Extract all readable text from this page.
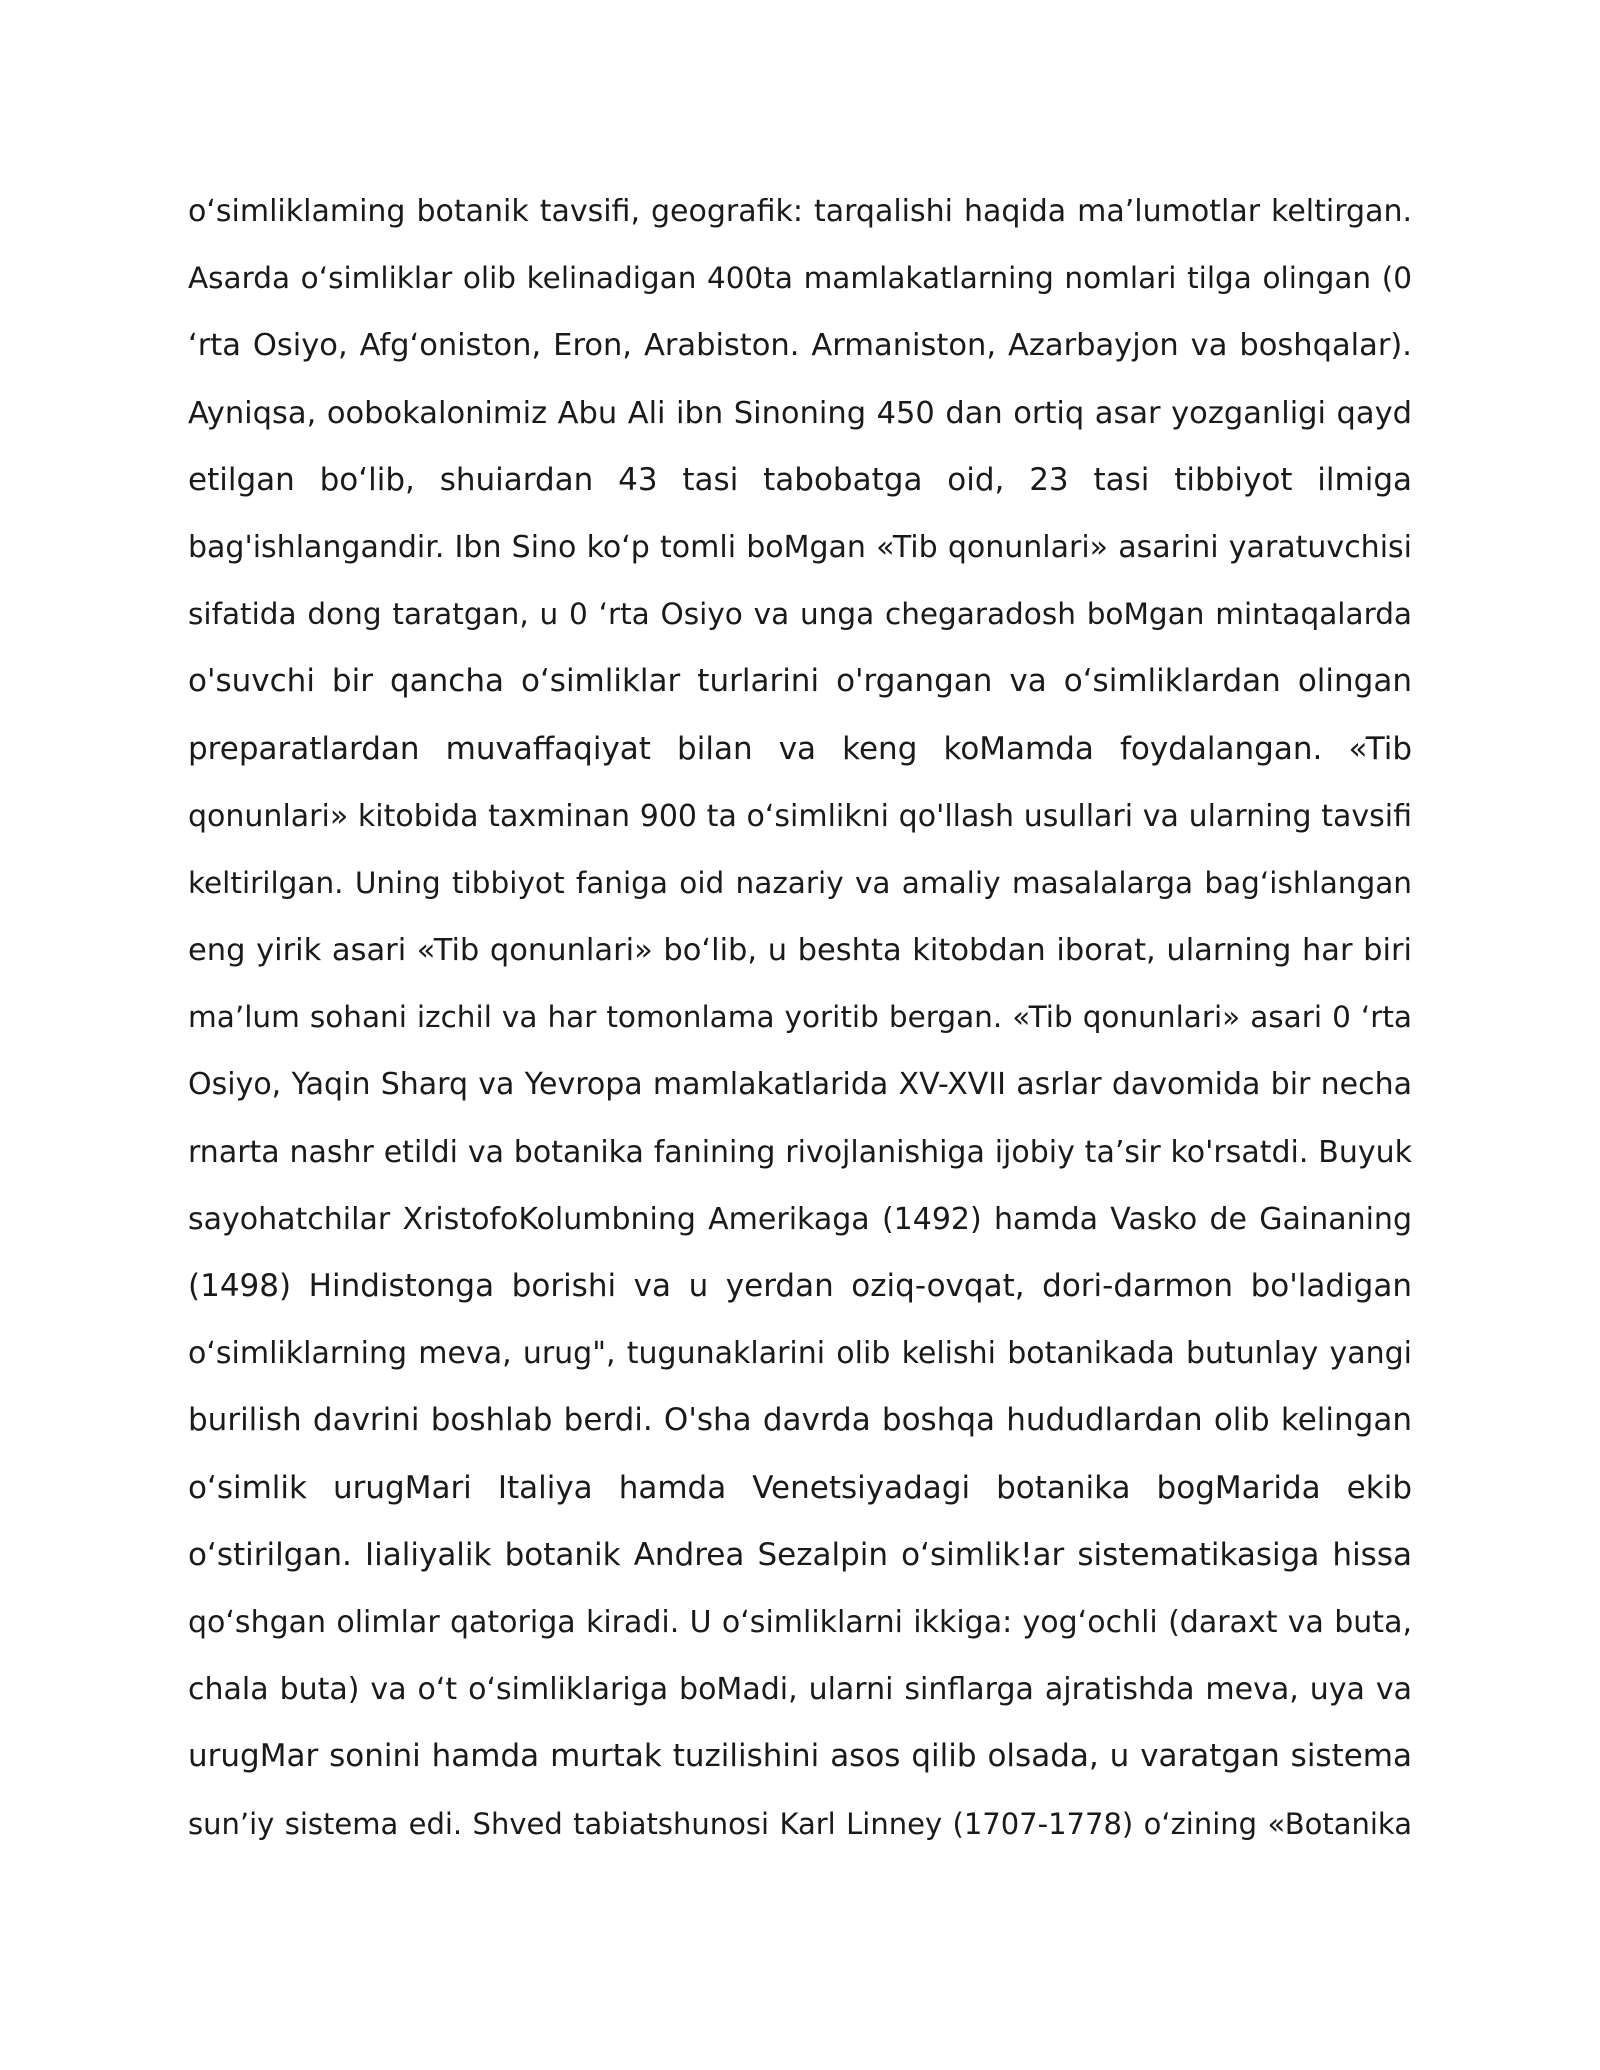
o‘simliklaming botanik tavsifi, geografik: tarqalishi haqida ma’lumotlar keltirgan.
Asarda o‘simliklar olib kelinadigan 400ta mamlakatlarning nomlari tilga olingan (0
‘rta Osiyo, Afg‘oniston, Eron, Arabiston. Armaniston, Azarbayjon va boshqalar).
Ayniqsa, oobokalonimiz Abu Ali ibn Sinoning 450 dan ortiq asar yozganligi qayd
etilgan bo‘lib, shuiardan 43 tasi tabobatga oid, 23 tasi tibbiyot ilmiga
bag'ishlangandir. Ibn Sino ko‘p tomli boMgan «Tib qonunlari» asarini yaratuvchisi
sifatida dong taratgan, u 0 ‘rta Osiyo va unga chegaradosh boMgan mintaqalarda
o'suvchi bir qancha o‘simliklar turlarini o'rgangan va o‘simliklardan olingan
preparatlardan muvaffaqiyat bilan va keng koMamda foydalangan. «Tib
qonunlari» kitobida taxminan 900 ta o‘simlikni qo'llash usullari va ularning tavsifi
keltirilgan. Uning tibbiyot faniga oid nazariy va amaliy masalalarga bag‘ishlangan
eng yirik asari «Tib qonunlari» bo‘lib, u beshta kitobdan iborat, ularning har biri
ma’lum sohani izchil va har tomonlama yoritib bergan. «Tib qonunlari» asari 0 ‘rta
Osiyo, Yaqin Sharq va Yevropa mamlakatlarida XV-XVII asrlar davomida bir necha
rnarta nashr etildi va botanika fanining rivojlanishiga ijobiy ta’sir ko'rsatdi. Buyuk
sayohatchilar XristofoKolumbning Amerikaga (1492) hamda Vasko de Gainaning
(1498) Hindistonga borishi va u yerdan oziq-ovqat, dori-darmon bo'ladigan
o‘simliklarning meva, urug", tugunaklarini olib kelishi botanikada butunlay yangi
burilish davrini boshlab berdi. O'sha davrda boshqa hududlardan olib kelingan
o‘simlik urugMari Italiya hamda Venetsiyadagi botanika bogMarida ekib
o‘stirilgan. Iialiyalik botanik Andrea Sezalpin o‘simlik!ar sistematikasiga hissa
qo‘shgan olimlar qatoriga kiradi. U o‘simliklarni ikkiga: yog‘ochli (daraxt va buta,
chala buta) va o‘t o‘simliklariga boMadi, ularni sinflarga ajratishda meva, uya va
urugMar sonini hamda murtak tuzilishini asos qilib olsada, u varatgan sistema
sun’iy sistema edi. Shved tabiatshunosi Karl Linney (1707-1778) o‘zining «Botanika
